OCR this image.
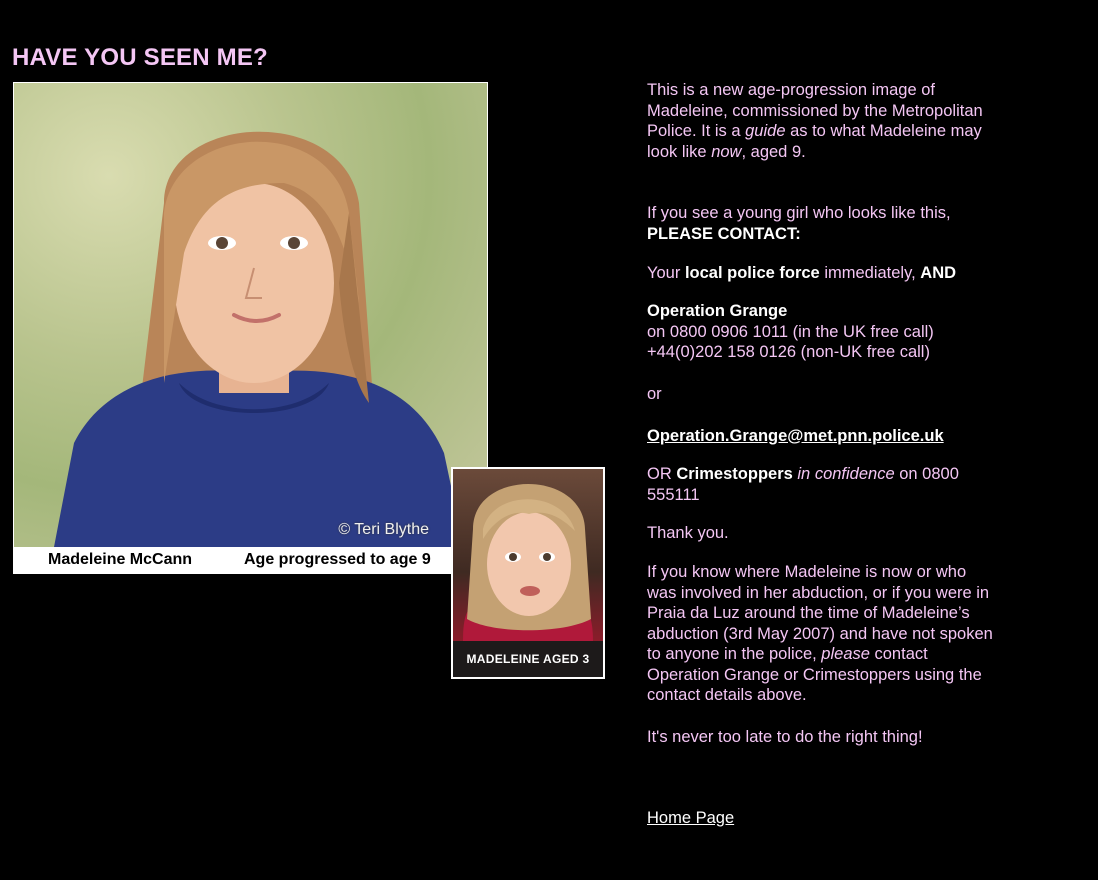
HAVE YOU SEEN ME?
© Teri Blythe
Madeleine McCann	Age progressed to age 9
MADELEINE AGED 3

This is a new age-progression image of Madeleine, commissioned by the Metropolitan Police. It is a guide as to what Madeleine may look like now, aged 9.

If you see a young girl who looks like this,
PLEASE CONTACT:

Your local police force immediately, AND

Operation Grange
on 0800 0906 1011 (in the UK free call)
+44(0)202 158 0126 (non-UK free call)

or

Operation.Grange@met.pnn.police.uk

OR Crimestoppers in confidence on 0800 555111

Thank you.

If you know where Madeleine is now or who was involved in her abduction, or if you were in Praia da Luz around the time of Madeleine’s abduction (3rd May 2007) and have not spoken to anyone in the police, please contact Operation Grange or Crimestoppers using the contact details above.

It's never too late to do the right thing!

Home Page
